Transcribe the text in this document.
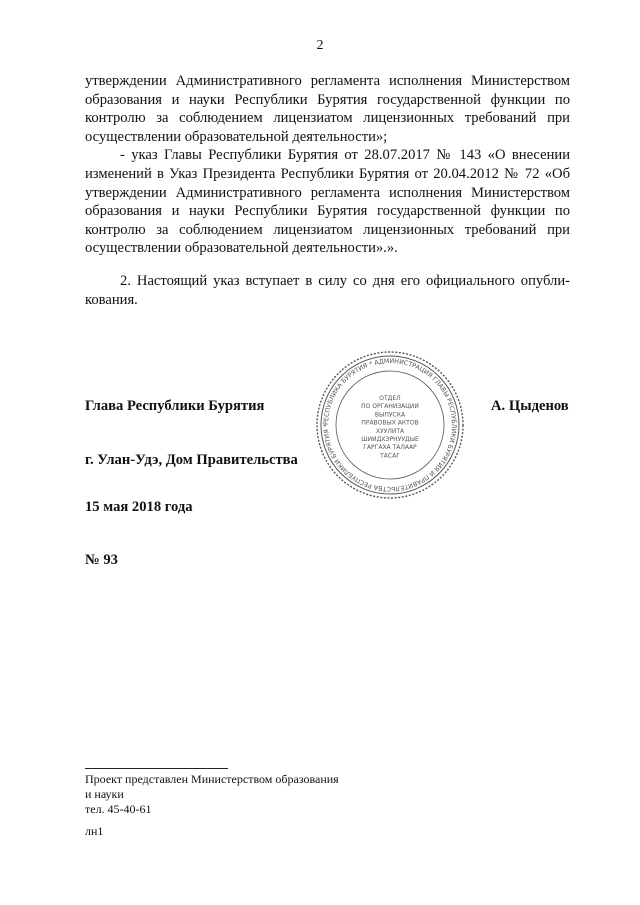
2

утверждении Административного регламента исполнения Министерством образования и науки Республики Бурятия государственной функции по контролю за соблюдением лицензиатом лицензионных требований при осуществлении образовательной деятельности»;

- указ Главы Республики Бурятия от 28.07.2017 № 143 «О внесении изменений в Указ Президента Республики Бурятия от 20.04.2012 № 72 «Об утверждении Административного регламента исполнения Министерством образования и науки Республики Бурятия государственной функции по контролю за соблюдением лицензиатом лицензионных требований при осуществлении образовательной деятельности».».

2. Настоящий указ вступает в силу со дня его официального опубли-кования.

РЕСПУБЛИКА БУРЯТИЯ * АДМИНИСТРАЦИЯ ГЛАВЫ РЕСПУБЛИКИ БУРЯТИЯ И ПРАВИТЕЛЬСТВА РЕСПУБЛИКИ БУРЯТИЯ *
ОТДЕЛ
ПО ОРГАНИЗАЦИИ
ВЫПУСКА
ПРАВОВЫХ АКТОВ
ХУУЛИТА
ШИИДХЭРНУУДЫЕ
ГАРГАХА ТАЛААР
ТАСАГ
Глава Республики Бурятия	А. Цыденов
г. Улан-Удэ, Дом Правительства
15 мая 2018 года
№ 93
Проект представлен Министерством образования
и науки
тел. 45-40-61
лн1
